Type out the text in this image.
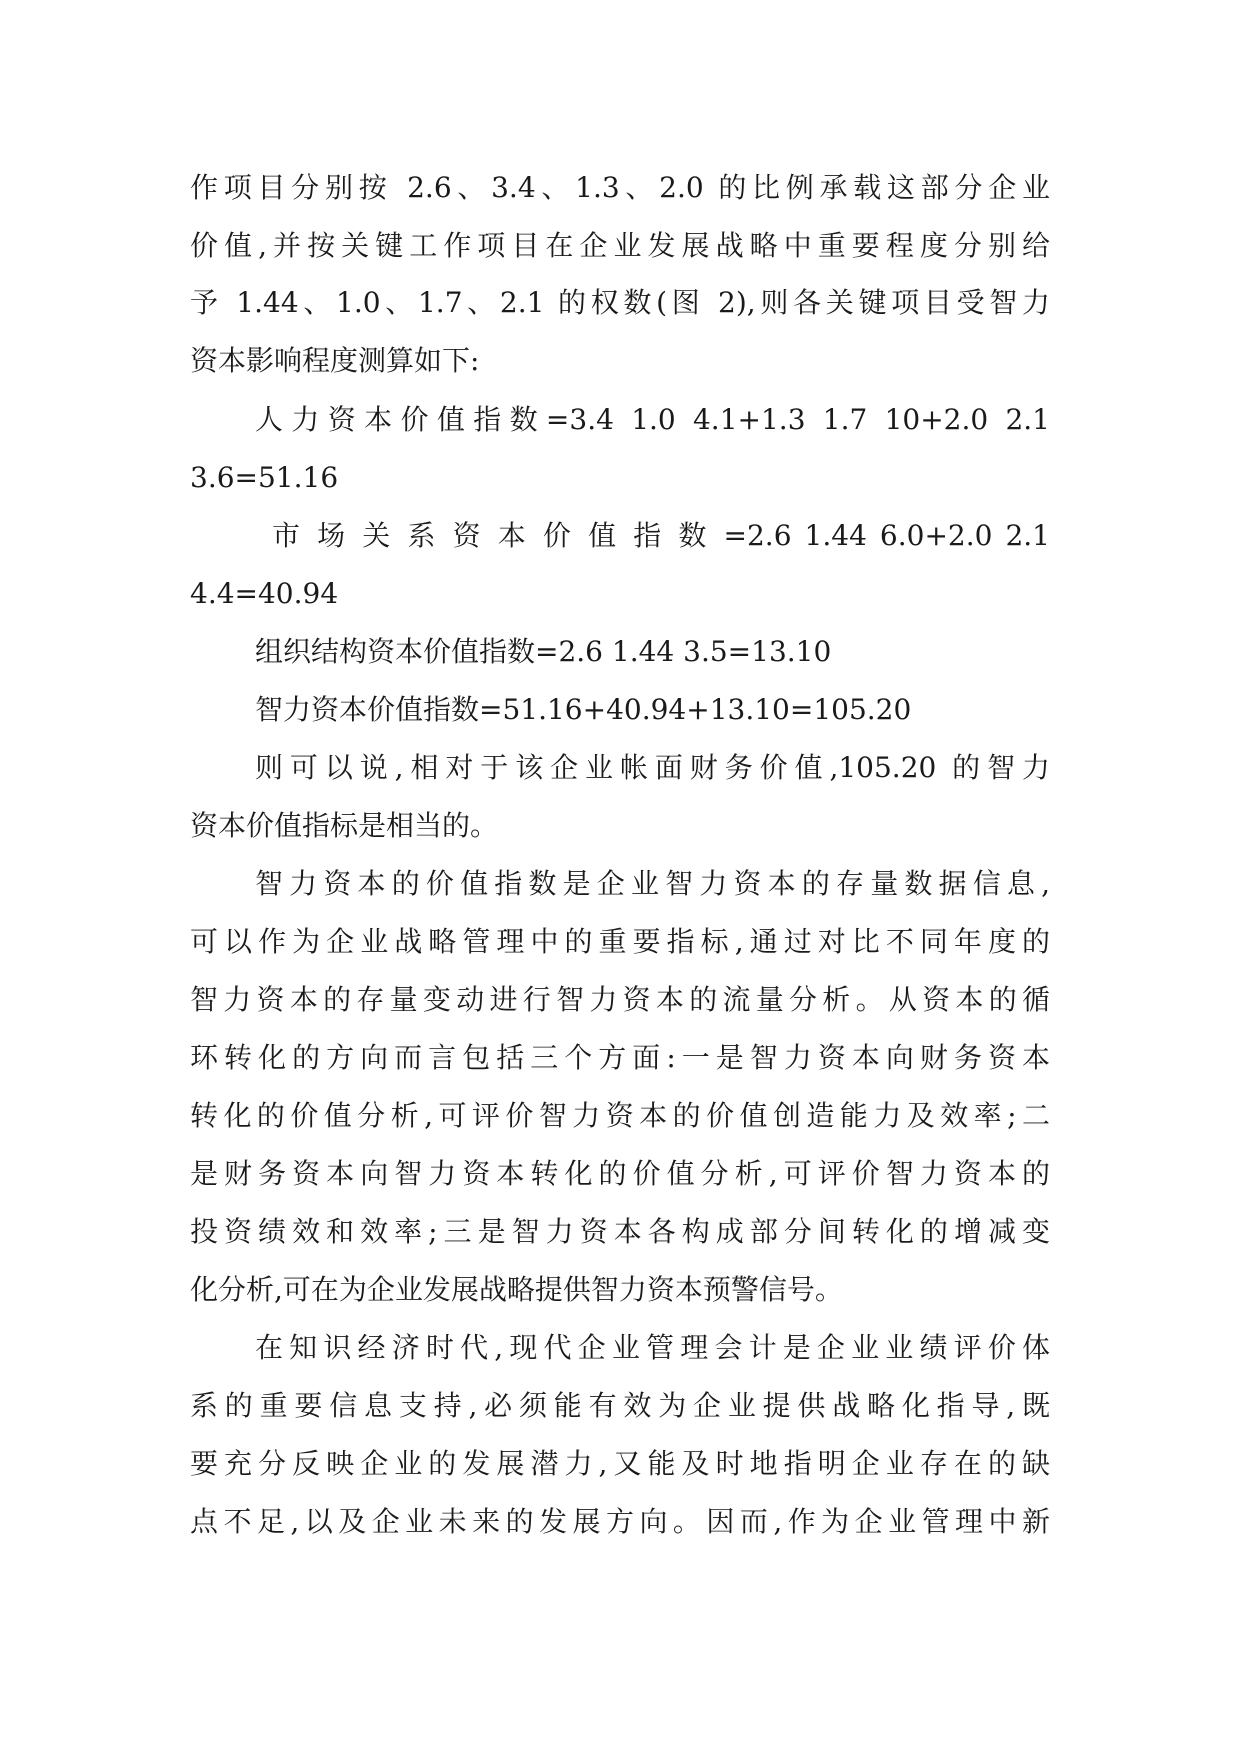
作项目分别按 2.6、3.4、1.3、2.0 的比例承载这部分企业
价值,并按关键工作项目在企业发展战略中重要程度分别给
予 1.44、1.0、1.7、2.1 的权数(图 2),则各关键项目受智力
资本影响程度测算如下:
人力资本价值指数=3.4 1.0 4.1+1.3 1.7 10+2.0 2.1
3.6=51.16
市 场 关 系 资 本 价 值 指 数 =2.6 1.44 6.0+2.0 2.1
4.4=40.94
组织结构资本价值指数=2.6 1.44 3.5=13.10
智力资本价值指数=51.16+40.94+13.10=105.20
则可以说,相对于该企业帐面财务价值,105.20 的智力
资本价值指标是相当的。
智力资本的价值指数是企业智力资本的存量数据信息,
可以作为企业战略管理中的重要指标,通过对比不同年度的
智力资本的存量变动进行智力资本的流量分析。从资本的循
环转化的方向而言包括三个方面:一是智力资本向财务资本
转化的价值分析,可评价智力资本的价值创造能力及效率;二
是财务资本向智力资本转化的价值分析,可评价智力资本的
投资绩效和效率;三是智力资本各构成部分间转化的增减变
化分析,可在为企业发展战略提供智力资本预警信号。
在知识经济时代,现代企业管理会计是企业业绩评价体
系的重要信息支持,必须能有效为企业提供战略化指导,既
要充分反映企业的发展潜力,又能及时地指明企业存在的缺
点不足,以及企业未来的发展方向。因而,作为企业管理中新
